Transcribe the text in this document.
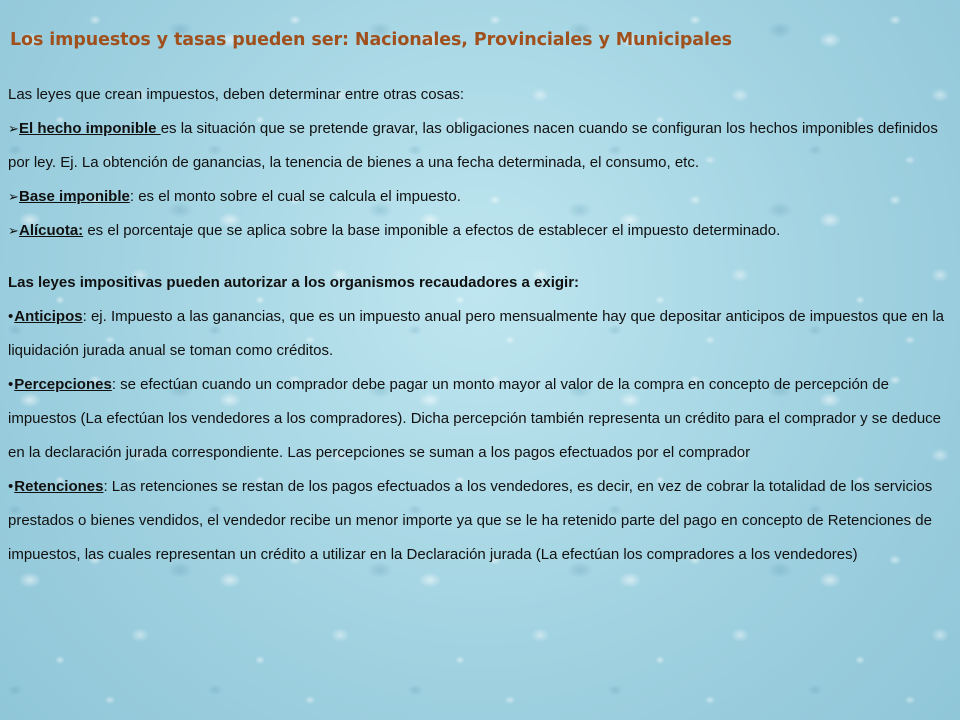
Los impuestos y tasas pueden ser: Nacionales, Provinciales y Municipales
Las leyes que crean impuestos, deben determinar entre otras cosas:
➢El hecho imponible es la situación que se pretende gravar, las obligaciones nacen cuando se configuran los hechos imponibles definidos por ley. Ej. La obtención de ganancias, la tenencia de bienes a una fecha determinada, el consumo, etc.
➢Base imponible: es el monto sobre el cual se calcula el impuesto.
➢Alícuota: es el porcentaje que se aplica sobre la base imponible a efectos de establecer el impuesto determinado.
Las leyes impositivas pueden autorizar a los organismos recaudadores a exigir:
•Anticipos: ej. Impuesto a las ganancias, que es un impuesto anual pero mensualmente hay que depositar anticipos de impuestos que en la liquidación jurada anual se toman como créditos.
•Percepciones: se efectúan cuando un comprador debe pagar un monto mayor al valor de la compra en concepto de percepción de impuestos (La efectúan los vendedores a los compradores). Dicha percepción también representa un crédito para el comprador y se deduce en la declaración jurada correspondiente. Las percepciones se suman a los pagos efectuados por el comprador
•Retenciones: Las retenciones se restan de los pagos efectuados a los vendedores, es decir, en vez de cobrar la totalidad de los servicios prestados o bienes vendidos, el vendedor recibe un menor importe ya que se le ha retenido parte del pago en concepto de Retenciones de impuestos, las cuales representan un crédito a utilizar en la Declaración jurada (La efectúan los compradores a los vendedores)
